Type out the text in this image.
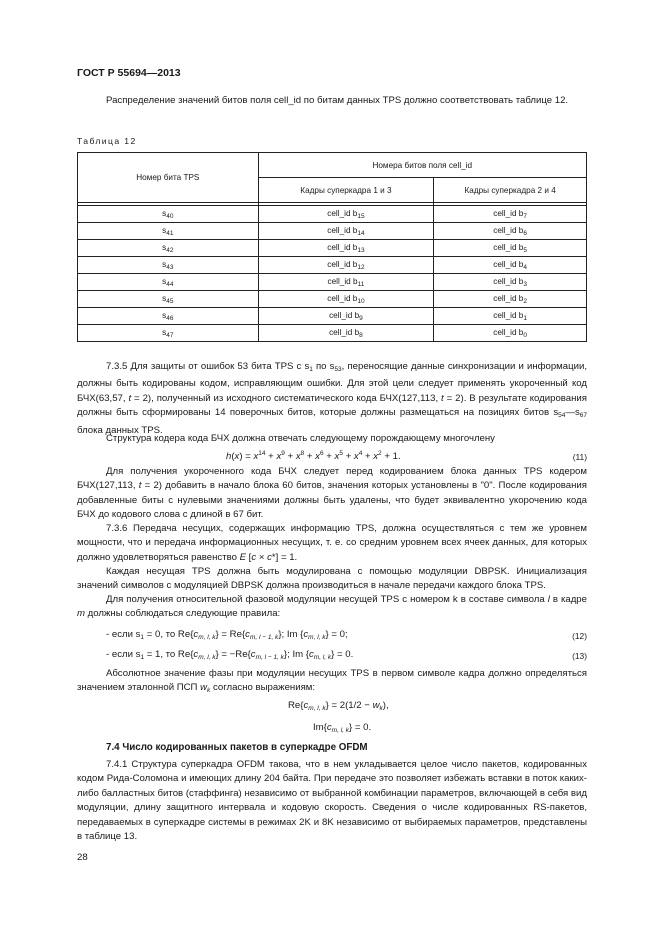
ГОСТ Р 55694—2013
Распределение значений битов поля cell_id по битам данных TPS должно соответствовать таблице 12.
Таблица 12
Номер бита TPS	Номера битов поля cell_id	
	Кадры суперкадра 1 и 3	Кадры суперкадра 2 и 4

$s_{40}$	cell_id $b_{15}$	cell_id $b_7$
$s_{41}$	cell_id $b_{14}$	cell_id $b_6$
$s_{42}$	cell_id $b_{13}$	cell_id $b_5$
$s_{43}$	cell_id $b_{12}$	cell_id $b_4$
$s_{44}$	cell_id $b_{11}$	cell_id $b_3$
$s_{45}$	cell_id $b_{10}$	cell_id $b_2$
$s_{46}$	cell_id $b_9$	cell_id $b_1$
$s_{47}$	cell_id $b_8$	cell_id $b_0$
7.3.5 Для защиты от ошибок 53 бита TPS с $s_1$ по $s_{53}$, переносящие данные синхронизации и информации, должны быть кодированы кодом, исправляющим ошибки. Для этой цели следует применять укороченный код БЧХ(63,57, t = 2), полученный из исходного систематического кода БЧХ(127,113, t = 2). В результате кодирования должны быть сформированы 14 поверочных битов, которые должны размещаться на позициях битов $s_{54}—s_{67}$ блока данных TPS.
Структура кодера кода БЧХ должна отвечать следующему порождающему многочлену
$h(x) = x^{14} + x^9 + x^8 + x^6 + x^5 + x^4 + x^2 + 1$.	(11)
Для получения укороченного кода БЧХ следует перед кодированием блока данных TPS кодером БЧХ(127,113, t = 2) добавить в начало блока 60 битов, значения которых установлены в "0". После кодирования добавленные биты с нулевыми значениями должны быть удалены, что будет эквивалентно укорочению кода БЧХ до кодового слова с длиной в 67 бит.
7.3.6 Передача несущих, содержащих информацию TPS, должна осуществляться с тем же уровнем мощности, что и передача информационных несущих, т. е. со средним уровнем всех ячеек данных, для которых должно удовлетворяться равенство E [c × c*] = 1.
Каждая несущая TPS должна быть модулирована с помощью модуляции DBPSK. Инициализация значений символов с модуляцией DBPSK должна производиться в начале передачи каждого блока TPS.
Для получения относительной фазовой модуляции несущей TPS с номером k в составе символа l в кадре m должны соблюдаться следующие правила:
- если $s_1 = 0$, то $Re\{c_{m, l, k}\} = Re\{c_{m, l - 1, k}\}$; Im $\{c_{m, l, k}\} = 0$;	(12)
- если $s_1 = 1$, то $Re\{c_{m, l, k}\} = -Re\{c_{m, l - 1, k}\}$; Im $\{c_{m, l, k}\} = 0$.	(13)
Абсолютное значение фазы при модуляции несущих TPS в первом символе кадра должно определяться значением эталонной ПСП $w_k$ согласно выражениям:
$Re\{c_{m, l, k}\} = 2(1/2 - w_k)$,
$Im\{c_{m, l, k}\} = 0$.
7.4 Число кодированных пакетов в суперкадре OFDM
7.4.1 Структура суперкадра OFDM такова, что в нем укладывается целое число пакетов, кодированных кодом Рида-Соломона и имеющих длину 204 байта. При передаче это позволяет избежать вставки в поток каких-либо балластных битов (стаффинга) независимо от выбранной комбинации параметров, включающей в себя вид модуляции, длину защитного интервала и кодовую скорость. Сведения о числе кодированных RS-пакетов, передаваемых в суперкадре системы в режимах 2K и 8K независимо от выбираемых параметров, представлены в таблице 13.
28
